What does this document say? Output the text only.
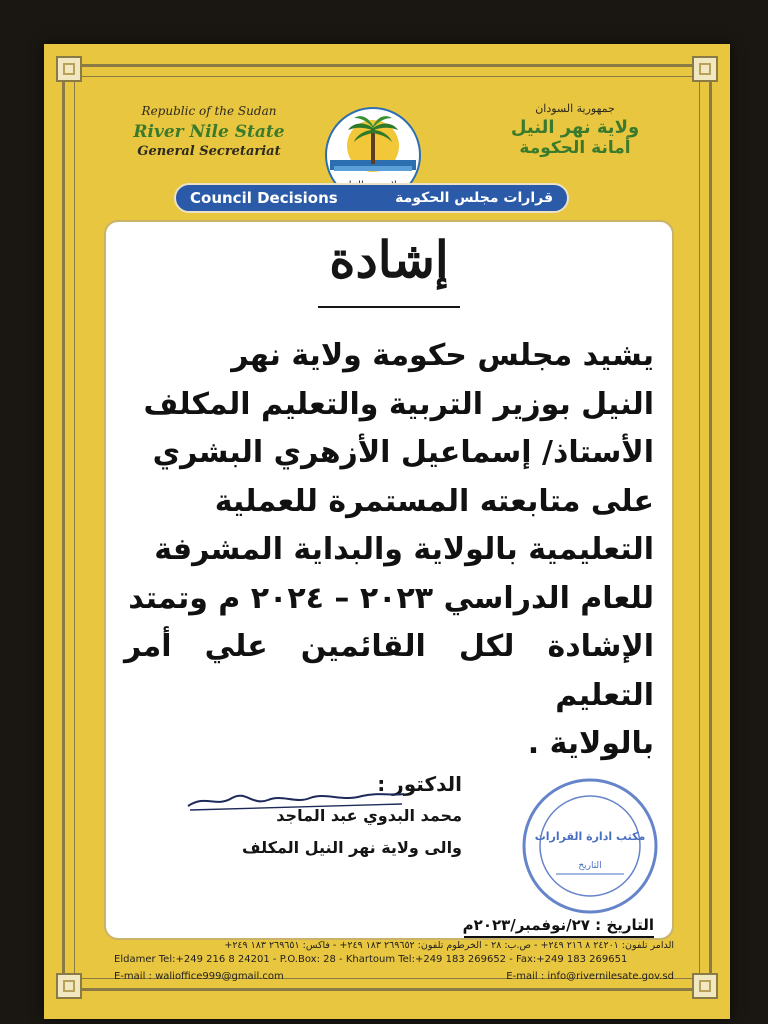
Republic of the Sudan
River Nile State
General Secretariat
جمهورية السودان
ولاية نهر النيل
أمانة الحكومة
Council Decisions	قرارات مجلس الحكومة
إشادة
يشيد مجلس حكومة ولاية نهر
النيل بوزير التربية والتعليم المكلف
الأستاذ/ إسماعيل الأزهري البشري
على متابعته المستمرة للعملية
التعليمية بالولاية والبداية المشرفة
للعام الدراسي ٢٠٢٣ – ٢٠٢٤ م وتمتد
الإشادة لكل القائمين علي أمر التعليم
بالولاية .
الدكتور :
محمد البدوي عبد الماجد
والى ولاية نهر النيل المكلف
مكتب ادارة القرارات
التاريخ
التاريخ : ٢٧/نوفمبر/٢٠٢٣م
الدامر تلفون: ٢٤٢٠١ ٨ ٢١٦ ٢٤٩+ - ص.ب: ٢٨ - الخرطوم تلفون: ٢٦٩٦٥٢ ١٨٣ ٢٤٩+ - فاكس: ٢٦٩٦٥١ ١٨٣ ٢٤٩+
Eldamer Tel:+249 216 8 24201 - P.O.Box: 28 - Khartoum Tel:+249 183 269652 - Fax:+249 183 269651
E-mail : walioffice999@gmail.com	E-mail : info@rivernilesate.gov.sd
